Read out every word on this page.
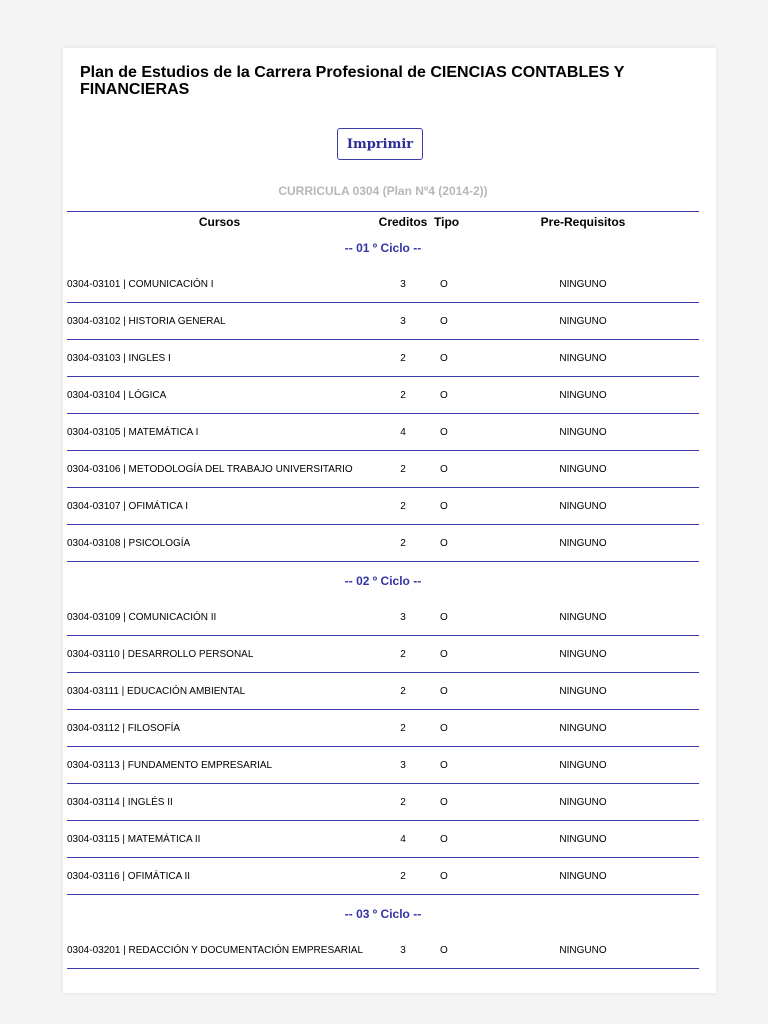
Plan de Estudios de la Carrera Profesional de CIENCIAS CONTABLES Y FINANCIERAS
Imprimir
CURRICULA 0304 (Plan Nº4 (2014-2))
Cursos	Creditos	Tipo	Pre-Requisitos
-- 01 º Ciclo --			
0304-03101 | COMUNICACIÓN I	3	O	NINGUNO
0304-03102 | HISTORIA GENERAL	3	O	NINGUNO
0304-03103 | INGLES I	2	O	NINGUNO
0304-03104 | LÓGICA	2	O	NINGUNO
0304-03105 | MATEMÁTICA I	4	O	NINGUNO
0304-03106 | METODOLOGÍA DEL TRABAJO UNIVERSITARIO	2	O	NINGUNO
0304-03107 | OFIMÁTICA I	2	O	NINGUNO
0304-03108 | PSICOLOGÍA	2	O	NINGUNO
-- 02 º Ciclo --			
0304-03109 | COMUNICACIÓN II	3	O	NINGUNO
0304-03110 | DESARROLLO PERSONAL	2	O	NINGUNO
0304-03111 | EDUCACIÓN AMBIENTAL	2	O	NINGUNO
0304-03112 | FILOSOFÍA	2	O	NINGUNO
0304-03113 | FUNDAMENTO EMPRESARIAL	3	O	NINGUNO
0304-03114 | INGLÉS II	2	O	NINGUNO
0304-03115 | MATEMÁTICA II	4	O	NINGUNO
0304-03116 | OFIMÁTICA II	2	O	NINGUNO
-- 03 º Ciclo --			
0304-03201 | REDACCIÓN Y DOCUMENTACIÓN EMPRESARIAL	3	O	NINGUNO
